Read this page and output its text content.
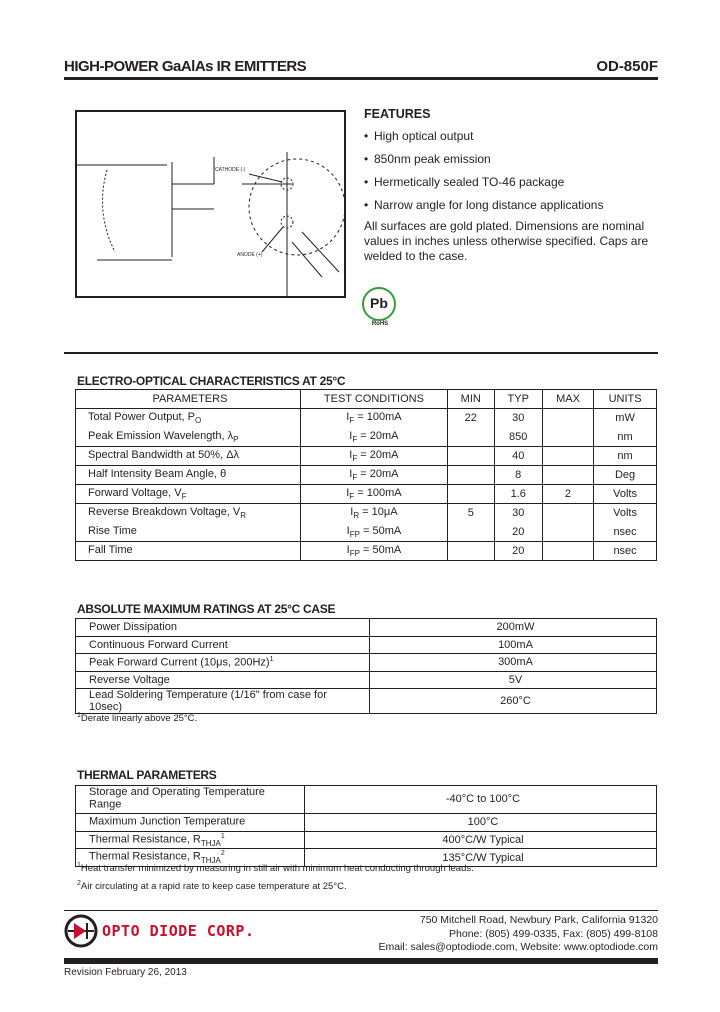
HIGH-POWER GaAlAs IR EMITTERS	OD-850F
CATHODE (-)
ANODE (+)
FEATURES
• High optical output
• 850nm peak emission
• Hermetically sealed TO-46 package
• Narrow angle for long distance applications

All surfaces are gold plated. Dimensions are nominal values in inches unless otherwise specified. Caps are welded to the case.

Pb
RoHS
ELECTRO-OPTICAL CHARACTERISTICS AT 25°C
PARAMETERS	TEST CONDITIONS	MIN	TYP	MAX	UNITS
Total Power Output, $P_O$	$I_F = 100mA$	22	30		mW
Peak Emission Wavelength, $\lambda_P$	$I_F = 20mA$		850		nm
Spectral Bandwidth at 50%, Δλ	$I_F = 20mA$		40		nm
Half Intensity Beam Angle, θ	$I_F = 20mA$		8		Deg
Forward Voltage, $V_F$	$I_F = 100mA$		1.6	2	Volts
Reverse Breakdown Voltage, $V_R$	$I_R = 10\mu A$	5	30		Volts
Rise Time	$I_{FP} = 50mA$		20		nsec
Fall Time	$I_{FP} = 50mA$		20		nsec
ABSOLUTE MAXIMUM RATINGS AT 25°C CASE
Power Dissipation	200mW
Continuous Forward Current	100mA
Peak Forward Current (10μs, 200Hz)$^1$	300mA
Reverse Voltage	5V
Lead Soldering Temperature (1/16" from case for 10sec)	260°C
$^1$Derate linearly above 25°C.
THERMAL PARAMETERS
Storage and Operating Temperature Range	-40°C to 100°C
Maximum Junction Temperature	100°C
Thermal Resistance, $R_{THJA}^1$	400°C/W Typical
Thermal Resistance, $R_{THJA}^2$	135°C/W Typical
$^1$Heat transfer minimized by measuring in still air with minimum heat conducting through leads.
$^2$Air circulating at a rapid rate to keep case temperature at 25°C.
OPTO DIODE CORP.
750 Mitchell Road, Newbury Park, California 91320
Phone: (805) 499-0335, Fax: (805) 499-8108
Email: sales@optodiode.com, Website: www.optodiode.com
Revision February 26, 2013
